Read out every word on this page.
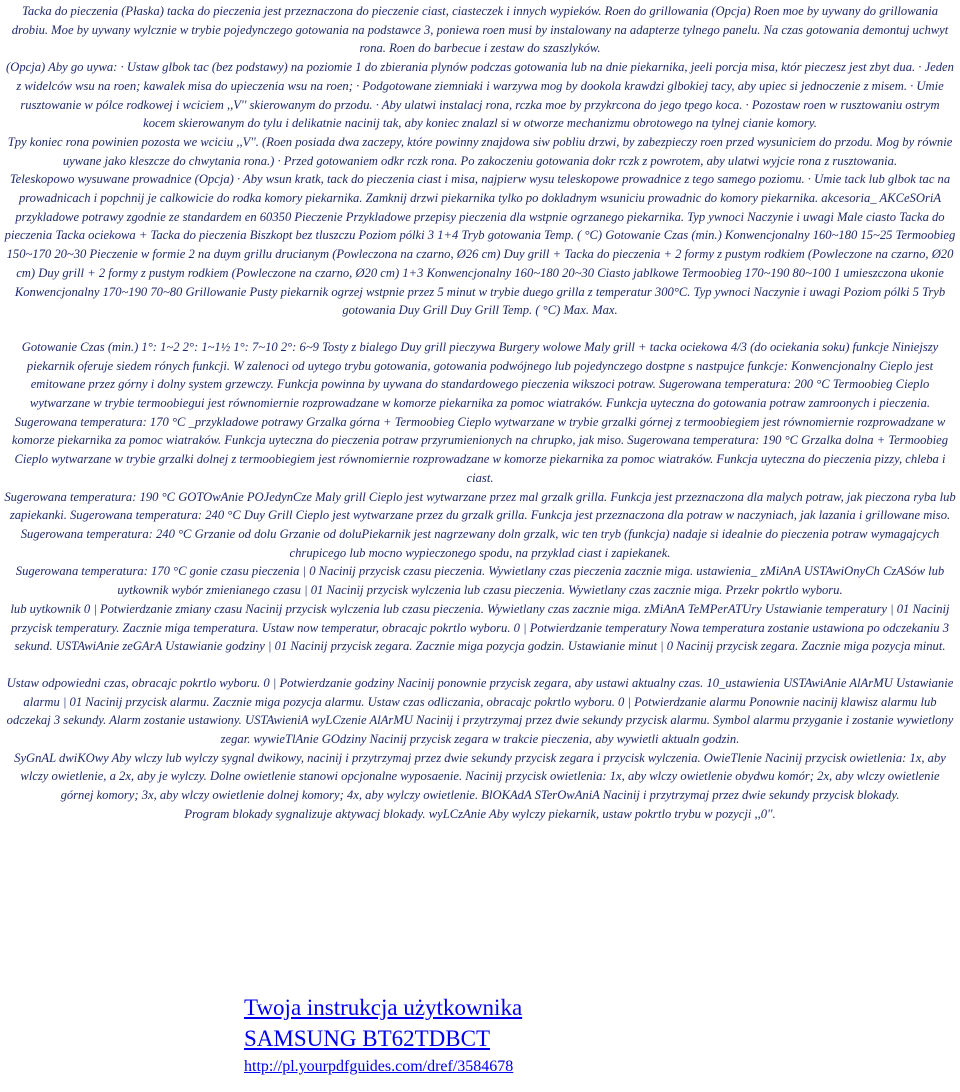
Tacka do pieczenia (Płaska) tacka do pieczenia jest przeznaczona do pieczenie ciast, ciasteczek i innych wypieków. Roen do grillowania (Opcja) Roen moe by uywany do grillowania drobiu. Moe by uywany wylcznie w trybie pojedynczego gotowania na podstawce 3, poniewa roen musi by instalowany na adapterze tylnego panelu. Na czas gotowania demontuj uchwyt rona. Roen do barbecue i zestaw do szaszlyków.

(Opcja) Aby go uywa: · Ustaw glbok tac (bez podstawy) na poziomie 1 do zbierania plynów podczas gotowania lub na dnie piekarnika, jeeli porcja misa, któr pieczesz jest zbyt dua. · Jeden z widelców wsu na roen; kawalek misa do upieczenia wsu na roen; · Podgotowane ziemniaki i warzywa mog by dookola krawdzi glbokiej tacy, aby upiec si jednoczenie z misem. · Umie rusztowanie w pólce rodkowej i wciciem ,,V'' skierowanym do przodu. · Aby ulatwi instalacj rona, rczka moe by przykrcona do jego tpego koca. · Pozostaw roen w rusztowaniu ostrym kocem skierowanym do tylu i delikatnie nacinij tak, aby koniec znalazl si w otworze mechanizmu obrotowego na tylnej cianie komory.

Tpy koniec rona powinien pozosta we wciciu ,,V''. (Roen posiada dwa zaczepy, które powinny znajdowa siw pobliu drzwi, by zabezpieczy roen przed wysuniciem do przodu. Mog by równie uywane jako kleszcze do chwytania rona.) · Przed gotowaniem odkr rczk rona. Po zakoczeniu gotowania dokr rczk z powrotem, aby ulatwi wyjcie rona z rusztowania.

Teleskopowo wysuwane prowadnice (Opcja) · Aby wsun kratk, tack do pieczenia ciast i misa, najpierw wysu teleskopowe prowadnice z tego samego poziomu. · Umie tack lub glbok tac na prowadnicach i popchnij je calkowicie do rodka komory piekarnika. Zamknij drzwi piekarnika tylko po dokladnym wsuniciu prowadnic do komory piekarnika. akcesoria_ AKCeSOriA przykladowe potrawy zgodnie ze standardem en 60350 Pieczenie Przykladowe przepisy pieczenia dla wstpnie ogrzanego piekarnika. Typ ywnoci Naczynie i uwagi Male ciasto Tacka do pieczenia Tacka ociekowa + Tacka do pieczenia Biszkopt bez tluszczu Poziom pólki 3 1+4 Tryb gotowania Temp. ( °C) Gotowanie Czas (min.) Konwencjonalny 160~180 15~25 Termoobieg 150~170 20~30 Pieczenie w formie 2 na duym grillu drucianym (Powleczona na czarno, Ø26 cm) Duy grill + Tacka do pieczenia + 2 formy z pustym rodkiem (Powleczone na czarno, Ø20 cm) Duy grill + 2 formy z pustym rodkiem (Powleczone na czarno, Ø20 cm) 1+3 Konwencjonalny 160~180 20~30 Ciasto jablkowe Termoobieg 170~190 80~100 1 umieszczona ukonie Konwencjonalny 170~190 70~80 Grillowanie Pusty piekarnik ogrzej wstpnie przez 5 minut w trybie duego grilla z temperatur 300°C. Typ ywnoci Naczynie i uwagi Poziom pólki 5 Tryb gotowania Duy Grill Duy Grill Temp. ( °C) Max. Max.

Gotowanie Czas (min.) 1°: 1~2 2°: 1~1½ 1°: 7~10 2°: 6~9 Tosty z bialego Duy grill pieczywa Burgery wolowe Maly grill + tacka ociekowa 4/3 (do ociekania soku) funkcje Niniejszy piekarnik oferuje siedem rónych funkcji. W zalenoci od uytego trybu gotowania, gotowania podwójnego lub pojedynczego dostpne s nastpujce funkcje: Konwencjonalny Cieplo jest emitowane przez górny i dolny system grzewczy. Funkcja powinna by uywana do standardowego pieczenia wikszoci potraw. Sugerowana temperatura: 200 °C Termoobieg Cieplo wytwarzane w trybie termoobiegui jest równomiernie rozprowadzane w komorze piekarnika za pomoc wiatraków. Funkcja uyteczna do gotowania potraw zamroonych i pieczenia. Sugerowana temperatura: 170 °C _przykladowe potrawy Grzalka górna + Termoobieg Cieplo wytwarzane w trybie grzalki górnej z termoobiegiem jest równomiernie rozprowadzane w komorze piekarnika za pomoc wiatraków. Funkcja uyteczna do pieczenia potraw przyrumienionych na chrupko, jak miso. Sugerowana temperatura: 190 °C Grzalka dolna + Termoobieg Cieplo wytwarzane w trybie grzalki dolnej z termoobiegiem jest równomiernie rozprowadzane w komorze piekarnika za pomoc wiatraków. Funkcja uyteczna do pieczenia pizzy, chleba i ciast.

Sugerowana temperatura: 190 °C GOTOwAnie POJedynCze Maly grill Cieplo jest wytwarzane przez mal grzalk grilla. Funkcja jest przeznaczona dla malych potraw, jak pieczona ryba lub zapiekanki. Sugerowana temperatura: 240 °C Duy Grill Cieplo jest wytwarzane przez du grzalk grilla. Funkcja jest przeznaczona dla potraw w naczyniach, jak lazania i grillowane miso. Sugerowana temperatura: 240 °C Grzanie od dolu Grzanie od doluPiekarnik jest nagrzewany doln grzalk, wic ten tryb (funkcja) nadaje si idealnie do pieczenia potraw wymagajcych chrupicego lub mocno wypieczonego spodu, na przyklad ciast i zapiekanek.

Sugerowana temperatura: 170 °C gonie czasu pieczenia | 0 Nacinij przycisk czasu pieczenia. Wywietlany czas pieczenia zacznie miga. ustawienia_ zMiAnA USTAwiOnyCh CzASów lub uytkownik wybór zmienianego czasu | 01 Nacinij przycisk wylczenia lub czasu pieczenia. Wywietlany czas zacznie miga. Przekr pokrtlo wyboru.

lub uytkownik 0 | Potwierdzanie zmiany czasu Nacinij przycisk wylczenia lub czasu pieczenia. Wywietlany czas zacznie miga. zMiAnA TeMPerATUry Ustawianie temperatury | 01 Nacinij przycisk temperatury. Zacznie miga temperatura. Ustaw now temperatur, obracajc pokrtlo wyboru. 0 | Potwierdzanie temperatury Nowa temperatura zostanie ustawiona po odczekaniu 3 sekund. USTAwiAnie zeGArA Ustawianie godziny | 01 Nacinij przycisk zegara. Zacznie miga pozycja godzin. Ustawianie minut | 0 Nacinij przycisk zegara. Zacznie miga pozycja minut.

Ustaw odpowiedni czas, obracajc pokrtlo wyboru. 0 | Potwierdzanie godziny Nacinij ponownie przycisk zegara, aby ustawi aktualny czas. 10_ustawienia USTAwiAnie AlArMU Ustawianie alarmu | 01 Nacinij przycisk alarmu. Zacznie miga pozycja alarmu. Ustaw czas odliczania, obracajc pokrtlo wyboru. 0 | Potwierdzanie alarmu Ponownie nacinij klawisz alarmu lub odczekaj 3 sekundy. Alarm zostanie ustawiony. USTAwieniA wyLCzenie AlArMU Nacinij i przytrzymaj przez dwie sekundy przycisk alarmu. Symbol alarmu przyganie i zostanie wywietlony zegar. wywieTlAnie GOdziny Nacinij przycisk zegara w trakcie pieczenia, aby wywietli aktualn godzin.

SyGnAL dwiKOwy Aby wlczy lub wylczy sygnal dwikowy, nacinij i przytrzymaj przez dwie sekundy przycisk zegara i przycisk wylczenia. OwieTlenie Nacinij przycisk owietlenia: 1x, aby wlczy owietlenie, a 2x, aby je wylczy. Dolne owietlenie stanowi opcjonalne wyposaenie. Nacinij przycisk owietlenia: 1x, aby wlczy owietlenie obydwu komór; 2x, aby wlczy owietlenie górnej komory; 3x, aby wlczy owietlenie dolnej komory; 4x, aby wylczy owietlenie. BlOKAdA STerOwAniA Nacinij i przytrzymaj przez dwie sekundy przycisk blokady.

Program blokady sygnalizuje aktywacj blokady. wyLCzAnie Aby wylczy piekarnik, ustaw pokrtlo trybu w pozycji ,,0''.

Twoja instrukcja użytkownika
SAMSUNG BT62TDBCT
http://pl.yourpdfguides.com/dref/3584678
